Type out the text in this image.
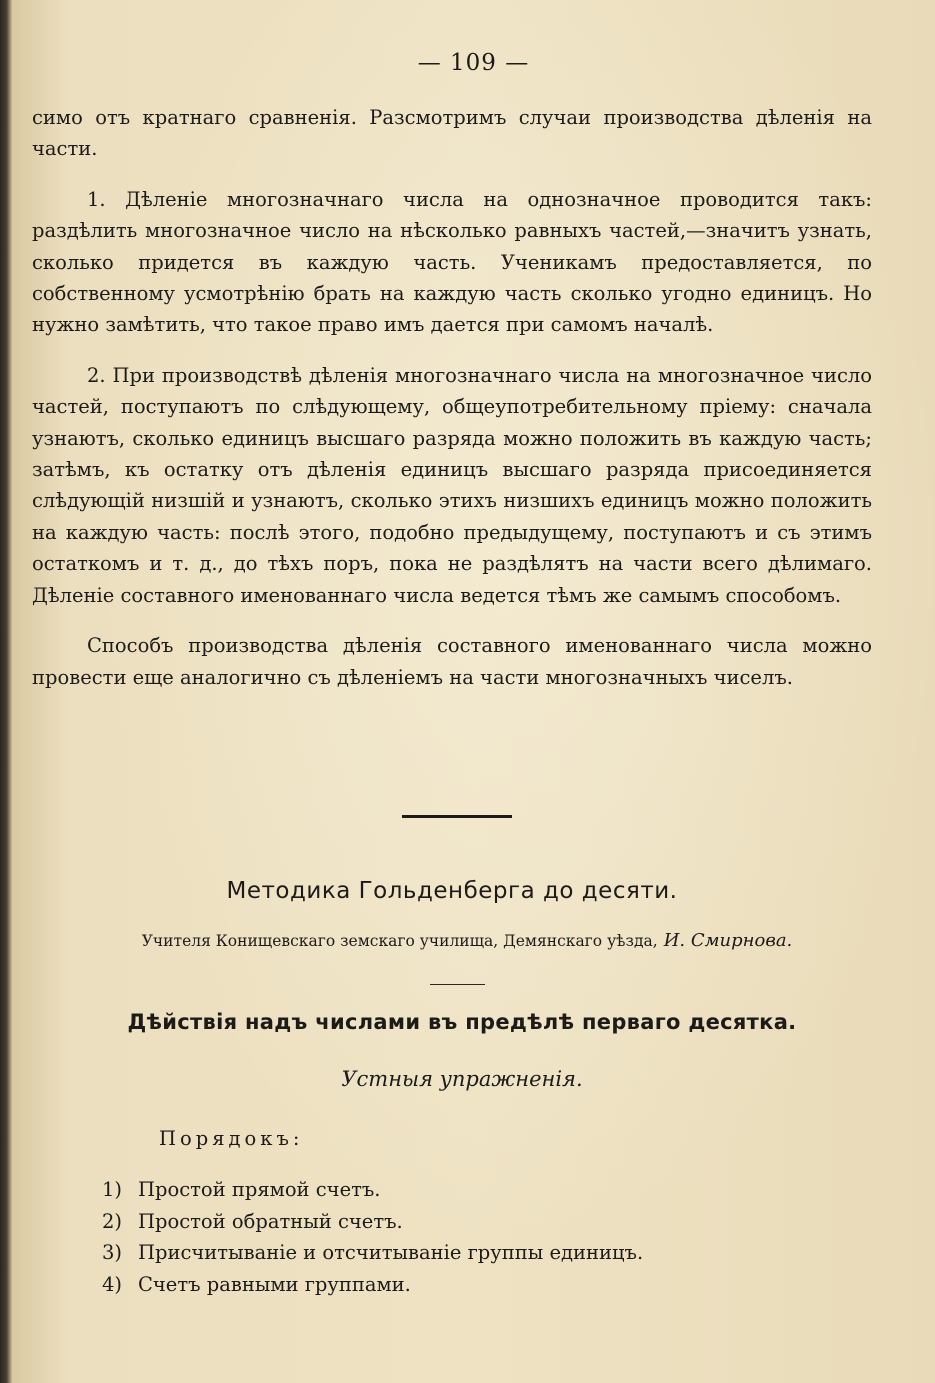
— 109 —

симо отъ кратнаго сравненія. Разсмотримъ случаи производства дѣленія на части.

1. Дѣленіе многозначнаго числа на однозначное проводится такъ: раздѣлить многозначное число на нѣсколько равныхъ частей,—значитъ узнать, сколько придется въ каждую часть. Ученикамъ предоставляется, по собственному усмотрѣнію брать на каждую часть сколько угодно единицъ. Но нужно замѣтить, что такое право имъ дается при самомъ началѣ.

2. При производствѣ дѣленія многозначнаго числа на многозначное число частей, поступаютъ по слѣдующему, общеупотребительному пріему: сначала узнаютъ, сколько единицъ высшаго разряда можно положить въ каждую часть; затѣмъ, къ остатку отъ дѣленія единицъ высшаго разряда присоединяется слѣдующій низшій и узнаютъ, сколько этихъ низшихъ единицъ можно положить на каждую часть: послѣ этого, подобно предыдущему, поступаютъ и съ этимъ остаткомъ и т. д., до тѣхъ поръ, пока не раздѣлятъ на части всего дѣлимаго. Дѣленіе составного именованнаго числа ведется тѣмъ же самымъ способомъ.

Способъ производства дѣленія составного именованнаго числа можно провести еще аналогично съ дѣленіемъ на части многозначныхъ чиселъ.

Методика Гольденберга до десяти.
Учителя Конищевскаго земскаго училища, Демянскаго уѣзда, И. Смирнова.
Дѣйствія надъ числами въ предѣлѣ перваго десятка.
Устныя упражненія.
Порядокъ:
1) Простой прямой счетъ.
2) Простой обратный счетъ.
3) Присчитываніе и отсчитываніе группы единицъ.
4) Счетъ равными группами.
